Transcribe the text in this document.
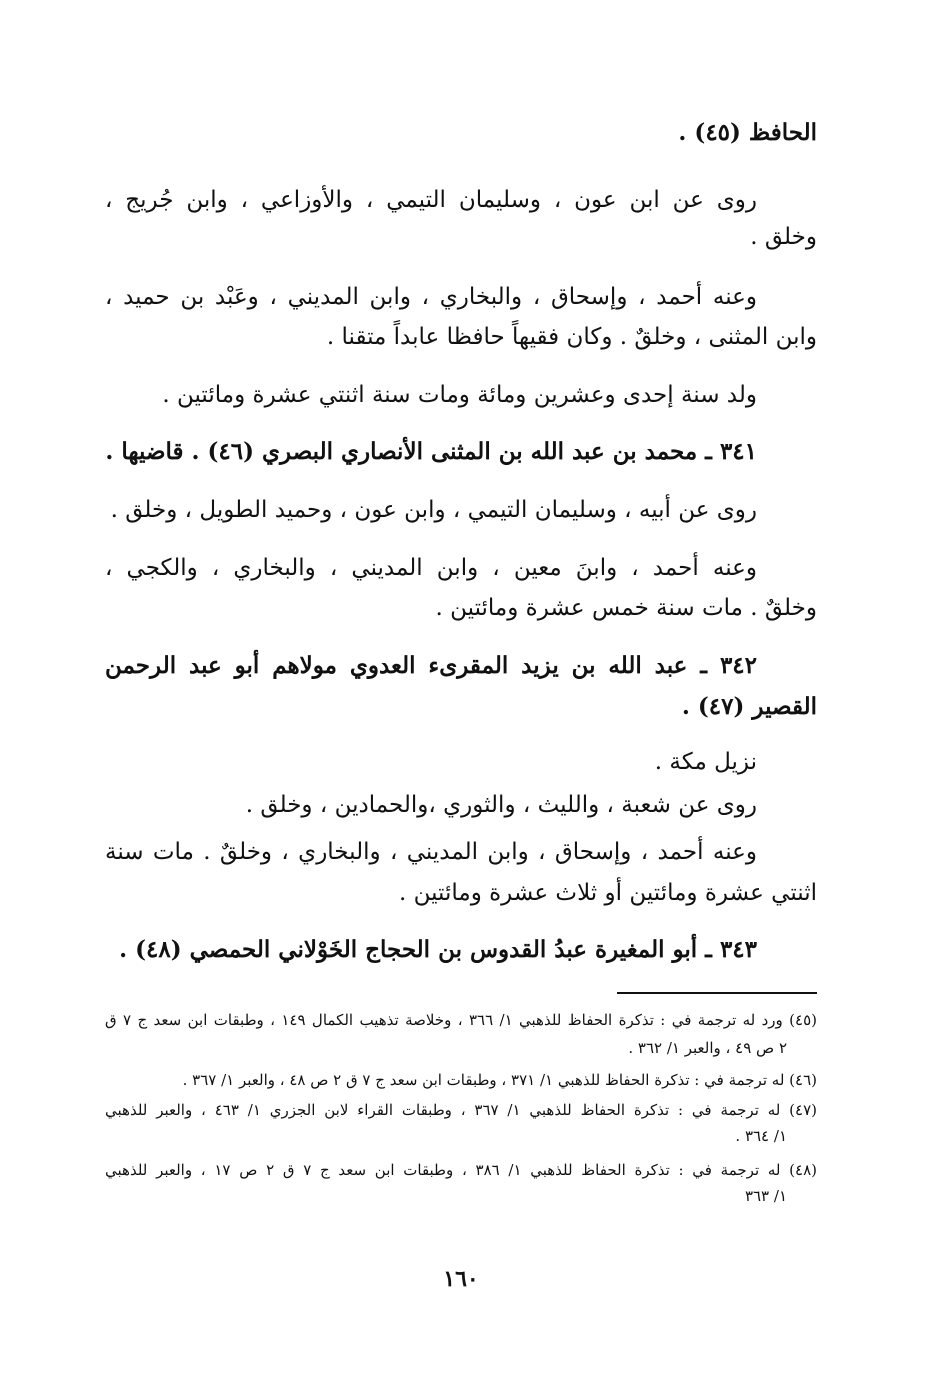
الحافظ (٤٥) .
روى عن ابن عون ، وسليمان التيمي ، والأوزاعي ، وابن جُريج ،
وخلق .
وعنه أحمد ، وإسحاق ، والبخاري ، وابن المديني ، وعَبْد بن حميد ،
وابن المثنى ، وخلقٌ . وكان فقيهاً حافظا عابداً متقنا .
ولد سنة إحدى وعشرين ومائة ومات سنة اثنتي عشرة ومائتين .
٣٤١ ـ محمد بن عبد الله بن المثنى الأنصاري البصري (٤٦) . قاضيها .
روى عن أبيه ، وسليمان التيمي ، وابن عون ، وحميد الطويل ، وخلق .
وعنه أحمد ، وابنَ معين ، وابن المديني ، والبخاري ، والكجي ،
وخلقٌ . مات سنة خمس عشرة ومائتين .
٣٤٢ ـ عبد الله بن يزيد المقرىء العدوي مولاهم أبو عبد الرحمن
القصير (٤٧) .
نزيل مكة .
روى عن شعبة ، والليث ، والثوري ،والحمادين ، وخلق .
وعنه أحمد ، وإسحاق ، وابن المديني ، والبخاري ، وخلقٌ . مات سنة
اثنتي عشرة ومائتين أو ثلاث عشرة ومائتين .
٣٤٣ ـ أبو المغيرة عبدُ القدوس بن الحجاج الخَوْلاني الحمصي (٤٨) .
(٤٥) ورد له ترجمة في : تذكرة الحفاظ للذهبي ١/ ٣٦٦ ، وخلاصة تذهيب الكمال ١٤٩ ، وطبقات ابن سعد ج ٧ ق
٢ ص ٤٩ ، والعبر ١/ ٣٦٢ .
(٤٦) له ترجمة في : تذكرة الحفاظ للذهبي ١/ ٣٧١ ، وطبقات ابن سعد ج ٧ ق ٢ ص ٤٨ ، والعبر ١/ ٣٦٧ .
(٤٧) له ترجمة في : تذكرة الحفاظ للذهبي ١/ ٣٦٧ ، وطبقات القراء لابن الجزري ١/ ٤٦٣ ، والعبر للذهبي
١/ ٣٦٤ .
(٤٨) له ترجمة في : تذكرة الحفاظ للذهبي ١/ ٣٨٦ ، وطبقات ابن سعد ج ٧ ق ٢ ص ١٧ ، والعبر للذهبي
١/ ٣٦٣
١٦٠
